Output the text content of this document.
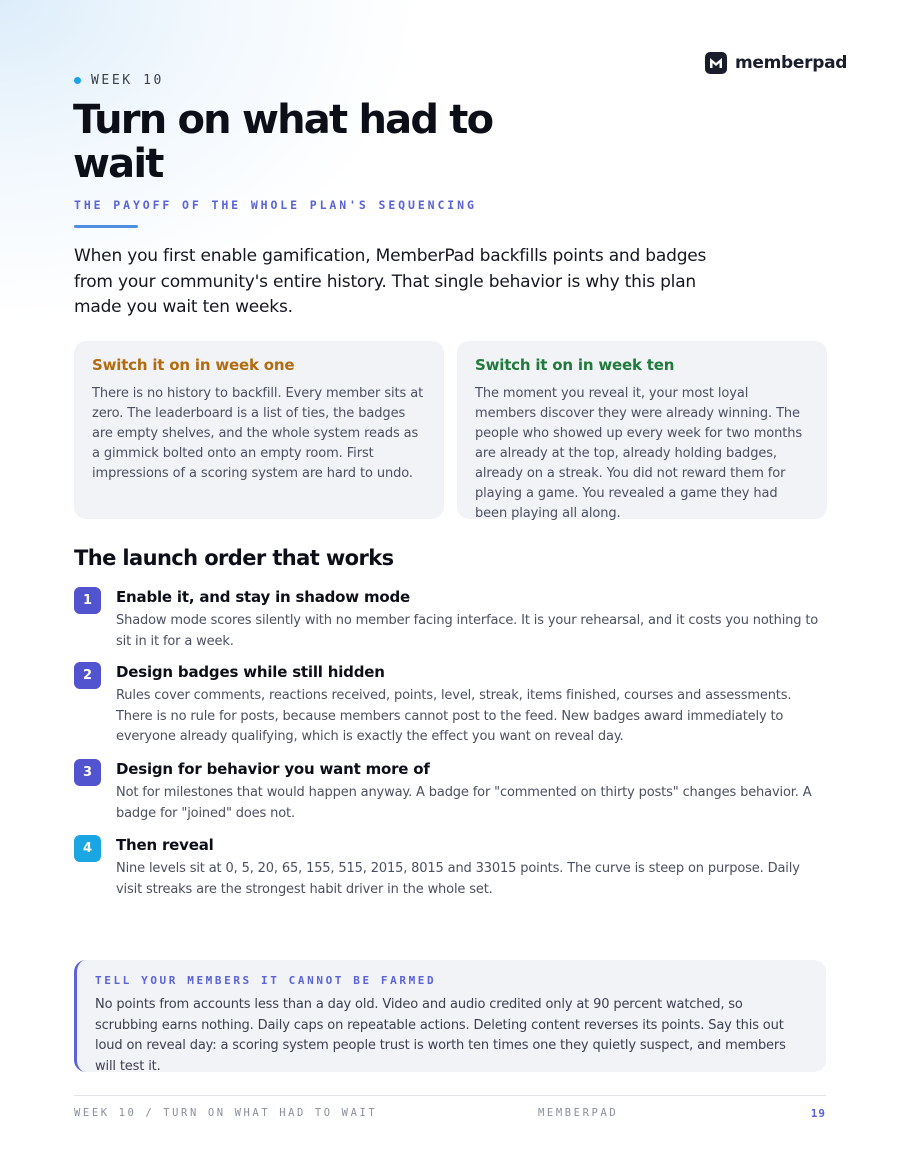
memberpad
WEEK 10
Turn on what had to wait
THE PAYOFF OF THE WHOLE PLAN'S SEQUENCING

When you first enable gamification, MemberPad backfills points and badges from your community's entire history. That single behavior is why this plan made you wait ten weeks.

Switch it on in week one
There is no history to backfill. Every member sits at zero. The leaderboard is a list of ties, the badges are empty shelves, and the whole system reads as a gimmick bolted onto an empty room. First impressions of a scoring system are hard to undo.
Switch it on in week ten
The moment you reveal it, your most loyal members discover they were already winning. The people who showed up every week for two months are already at the top, already holding badges, already on a streak. You did not reward them for playing a game. You revealed a game they had been playing all along.
The launch order that works
1	Enable it, and stay in shadow mode
Shadow mode scores silently with no member facing interface. It is your rehearsal, and it costs you nothing to sit in it for a week.
2	Design badges while still hidden
Rules cover comments, reactions received, points, level, streak, items finished, courses and assessments. There is no rule for posts, because members cannot post to the feed. New badges award immediately to everyone already qualifying, which is exactly the effect you want on reveal day.
3	Design for behavior you want more of
Not for milestones that would happen anyway. A badge for "commented on thirty posts" changes behavior. A badge for "joined" does not.
4	Then reveal
Nine levels sit at 0, 5, 20, 65, 155, 515, 2015, 8015 and 33015 points. The curve is steep on purpose. Daily visit streaks are the strongest habit driver in the whole set.
TELL YOUR MEMBERS IT CANNOT BE FARMED
No points from accounts less than a day old. Video and audio credited only at 90 percent watched, so scrubbing earns nothing. Daily caps on repeatable actions. Deleting content reverses its points. Say this out loud on reveal day: a scoring system people trust is worth ten times one they quietly suspect, and members will test it.
WEEK 10 / TURN ON WHAT HAD TO WAIT	MEMBERPAD	19
